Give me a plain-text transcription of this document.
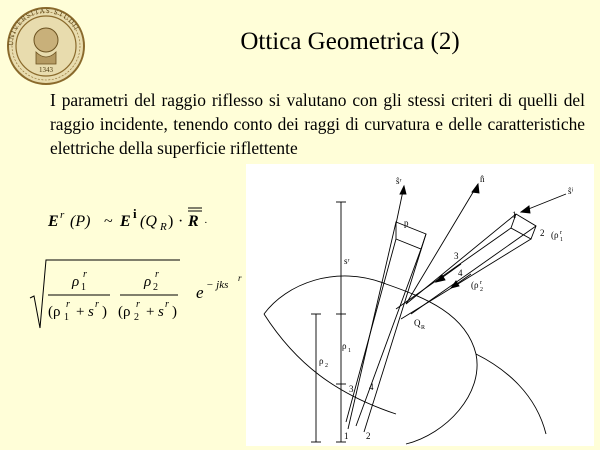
UNIVERSITAS STUDII
1343
Ottica Geometrica (2)
I parametri del raggio riflesso si valutano con gli stessi criteri di quelli del raggio incidente, tenendo conto dei raggi di curvatura e delle caratteristiche elettriche della superficie riflettente
E r (P) ~ E i (Q R ) · R ·
ρ 1
r	ρ 2
r
(ρ 1
r + s r ) (ρ 2
r + s r )
e − jks
r
ŝʳ	n̂
ŝⁱ
p
1
2 (ρ 1
r
3
4
(ρ 2
r
sʳ
Q R
ρ 1
ρ 2
3 4
1 2
